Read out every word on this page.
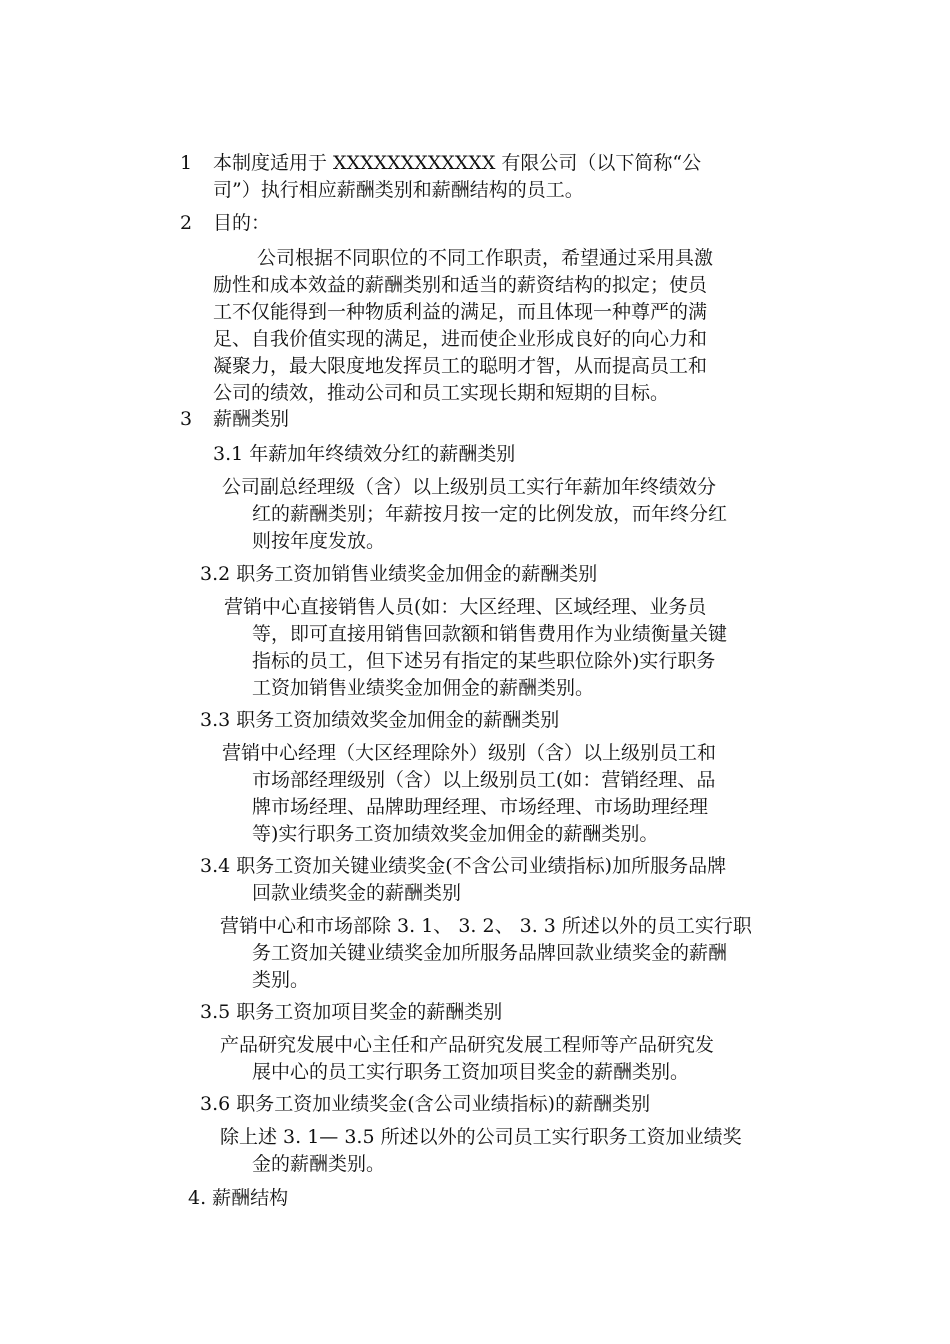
1 本制度适用于 XXXXXXXXXXXX 有限公司（以下简称“公
司”）执行相应薪酬类别和薪酬结构的员工。
2 目的：
公司根据不同职位的不同工作职责，希望通过采用具激
励性和成本效益的薪酬类别和适当的薪资结构的拟定；使员
工不仅能得到一种物质利益的满足，而且体现一种尊严的满
足、自我价值实现的满足，进而使企业形成良好的向心力和
凝聚力，最大限度地发挥员工的聪明才智，从而提高员工和
公司的绩效，推动公司和员工实现长期和短期的目标。
3 薪酬类别
3.1 年薪加年终绩效分红的薪酬类别
公司副总经理级（含）以上级别员工实行年薪加年终绩效分
红的薪酬类别；年薪按月按一定的比例发放，而年终分红
则按年度发放。
3.2 职务工资加销售业绩奖金加佣金的薪酬类别
营销中心直接销售人员(如：大区经理、区域经理、业务员
等，即可直接用销售回款额和销售费用作为业绩衡量关键
指标的员工，但下述另有指定的某些职位除外)实行职务
工资加销售业绩奖金加佣金的薪酬类别。
3.3 职务工资加绩效奖金加佣金的薪酬类别
营销中心经理（大区经理除外）级别（含）以上级别员工和
市场部经理级别（含）以上级别员工(如：营销经理、品
牌市场经理、品牌助理经理、市场经理、市场助理经理
等)实行职务工资加绩效奖金加佣金的薪酬类别。
3.4 职务工资加关键业绩奖金(不含公司业绩指标)加所服务品牌
回款业绩奖金的薪酬类别
营销中心和市场部除 3. 1、 3. 2、 3. 3 所述以外的员工实行职
务工资加关键业绩奖金加所服务品牌回款业绩奖金的薪酬
类别。
3.5 职务工资加项目奖金的薪酬类别
产品研究发展中心主任和产品研究发展工程师等产品研究发
展中心的员工实行职务工资加项目奖金的薪酬类别。
3.6 职务工资加业绩奖金(含公司业绩指标)的薪酬类别
除上述 3. 1— 3.5 所述以外的公司员工实行职务工资加业绩奖
金的薪酬类别。
4. 薪酬结构
